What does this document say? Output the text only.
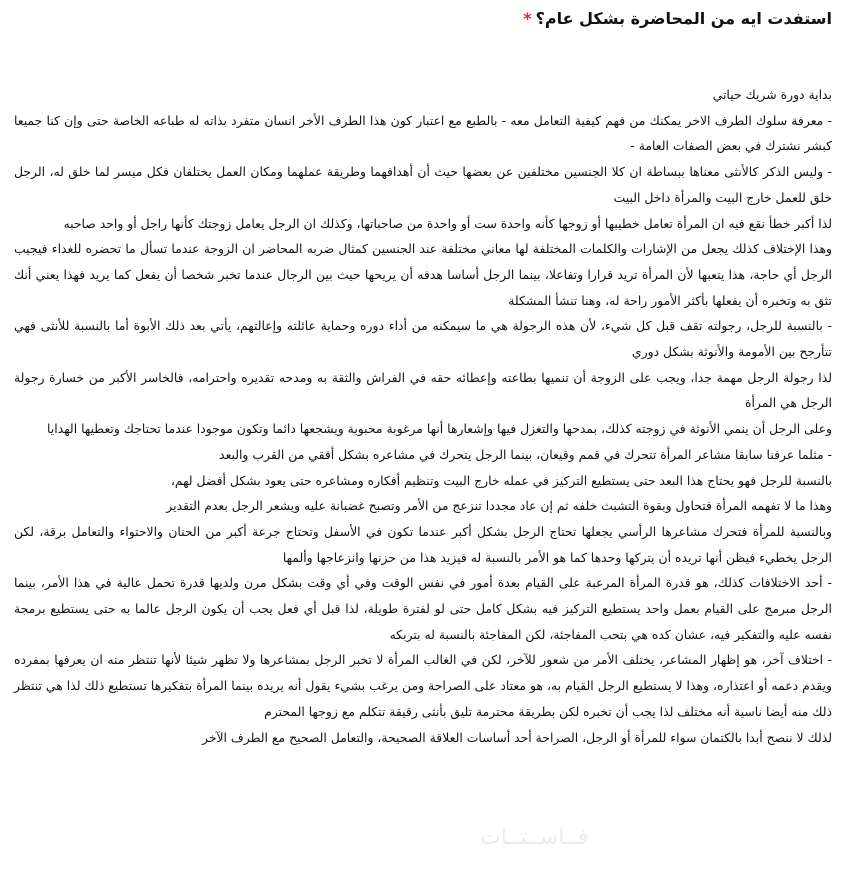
استفدت ايه من المحاضرة بشكل عام؟*

بداية دورة شريك حياتي

- معرفة سلوك الطرف الاخر يمكنك من فهم كيفية التعامل معه - بالطبع مع اعتبار كون هذا الطرف الأخر انسان متفرد بذاته له طباعه الخاصة حتى وإن كنا جميعا كبشر نشترك في بعض الصفات العامة -

- وليس الذكر كالأنثى معناها ببساطة ان كلا الجنسين مختلفين عن بعضها حيث أن أهدافهما وطريقة عملهما ومكان العمل يختلفان فكل ميسر لما خلق له، الرجل خلق للعمل خارج البيت والمرأة داخل البيت

لذا أكبر خطأ نقع فيه ان المرأة تعامل خطيبها أو زوجها كأنه واحدة ست أو واحدة من صاحباتها، وكذلك ان الرجل يعامل زوجتك كأنها راجل أو واحد صاحبه

وهذا الإختلاف كذلك يجعل من الإشارات والكلمات المختلفة لها معاني مختلفة عند الجنسين كمثال ضربه المحاضر ان الزوجة عندما تسأل ما تحضره للغداء فيجيب الرجل أي حاجة، هذا يتعبها لأن المرأة تريد قرارا وتفاعلا، بينما الرجل أساسا هدفه أن يريحها حيث بين الرجال عندما تخبر شخصا أن يفعل كما يريد فهذا يعني أنك تثق به وتخبره أن يفعلها بأكثر الأمور راحة له، وهنا تنشأ المشكلة

- بالنسبة للرجل، رجولته تقف قبل كل شيء، لأن هذه الرجولة هي ما سيمكنه من أداء دوره وحماية عائلته وإعالتهم، يأتي بعد ذلك الأبوة أما بالنسبة للأنثى فهي تتأرجح بين الأمومة والأنوثة بشكل دوري

لذا رجولة الرجل مهمة جدا، ويجب على الزوجة أن تنميها بطاعته وإعطائه حقه في الفراش والثقة به ومدحه تقديره واحترامه، فالخاسر الأكبر من خسارة رجولة الرجل هي المرأة

وعلى الرجل أن ينمي الأنوثة في زوجته كذلك، بمدحها والتغزل فيها وإشعارها أنها مرغوبة محبوبة ويشجعها دائما وتكون موجودا عندما تحتاجك وتعطيها الهدايا

- مثلما عرفنا سابقا مشاعر المرأة تتحرك في قمم وقيعان، بينما الرجل يتحرك في مشاعره بشكل أفقي من القرب والبعد

بالنسبة للرجل فهو يحتاج هذا البعد حتى يستطيع التركيز في عمله خارج البيت وتنظيم أفكاره ومشاعره حتى يعود بشكل أفضل لهم،

وهذا ما لا تفهمه المرأة فتحاول وبقوة التشبث خلفه ثم إن عاد مجددا تنزعج من الأمر وتصبح غضبانة عليه ويشعر الرجل بعدم التقدير

وبالنسبة للمرأة فتحرك مشاعرها الرأسي يجعلها تحتاج الرجل بشكل أكبر عندما تكون في الأسفل وتحتاج جرعة أكبر من الحنان والاحتواء والتعامل برقة، لكن الرجل يخطيء فيظن أنها تريده أن يتركها وحدها كما هو الأمر بالنسبة له فيزيد هذا من حزنها وانزعاجها وألمها

- أحد الاختلافات كذلك، هو قدرة المرأة المرعبة على القيام بعدة أمور في نفس الوقت وفي أي وقت بشكل مرن ولديها قدرة تحمل عالية في هذا الأمر، بينما الرجل مبرمج على القيام بعمل واحد يستطيع التركيز فيه بشكل كامل حتى لو لفترة طويلة، لذا قبل أي فعل يجب أن يكون الرجل عالما به حتى يستطيع برمجة نفسه عليه والتفكير فيه، عشان كده هي بتحب المفاجئة، لكن المفاجئة بالنسبة له بتربكه

- اختلاف آخر، هو إظهار المشاعر، يختلف الأمر من شعور للآخر، لكن في الغالب المرأة لا تخبر الرجل بمشاعرها ولا تظهر شيئا لأنها تنتظر منه ان يعرفها بمفرده ويقدم دعمه أو اعتذاره، وهذا لا يستطيع الرجل القيام به، هو معتاد على الصراحة ومن يرغب بشيء يقول أنه يريده بينما المرأة بتفكيرها تستطيع ذلك لذا هي تنتظر ذلك منه أيضا ناسية أنه مختلف لذا يجب أن تخبره لكن بطريقة محترمة تليق بأنثى رقيقة تتكلم مع زوجها المحترم

لذلك لا ننصح أبدا بالكتمان سواء للمرأة أو الرجل، الصراحة أحد أساسات العلاقة الصحيحة، والتعامل الصحيح مع الطرف الآخر

فــاســتــات
